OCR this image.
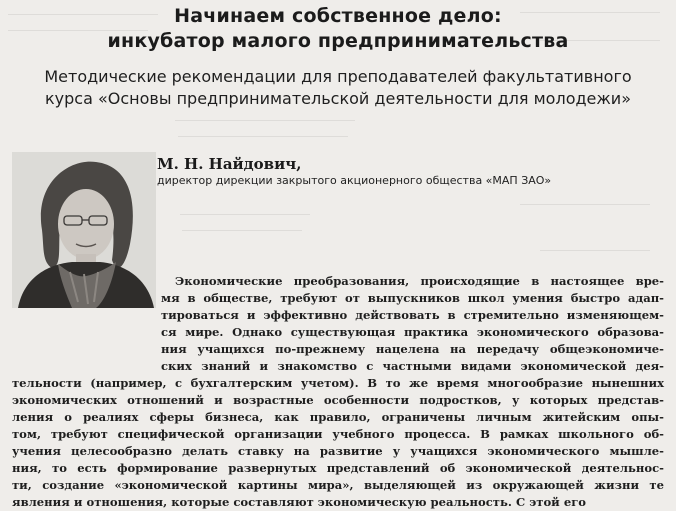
Начинаем собственное дело:
инкубатор малого предпринимательства
Методические рекомендации для преподавателей факультативного
курса «Основы предпринимательской деятельности для молодежи»
М. Н. Найдович,
директор дирекции закрытого акционерного общества «МАП ЗАО»
Экономические преобразования, происходящие в настоящее вре-
мя в обществе, требуют от выпускников школ умения быстро адап-
тироваться и эффективно действовать в стремительно изменяющем-
ся мире. Однако существующая практика экономического образова-
ния учащихся по-прежнему нацелена на передачу общеэкономиче-
ских знаний и знакомство с частными видами экономической дея-
тельности (например, с бухгалтерским учетом). В то же время многообразие нынешних
экономических отношений и возрастные особенности подростков, у которых представ-
ления о реалиях сферы бизнеса, как правило, ограничены личным житейским опы-
том, требуют специфической организации учебного процесса. В рамках школьного об-
учения целесообразно делать ставку на развитие у учащихся экономического мышле-
ния, то есть формирование развернутых представлений об экономической деятельнос-
ти, создание «экономической картины мира», выделяющей из окружающей жизни те
явления и отношения, которые составляют экономическую реальность. С этой его
